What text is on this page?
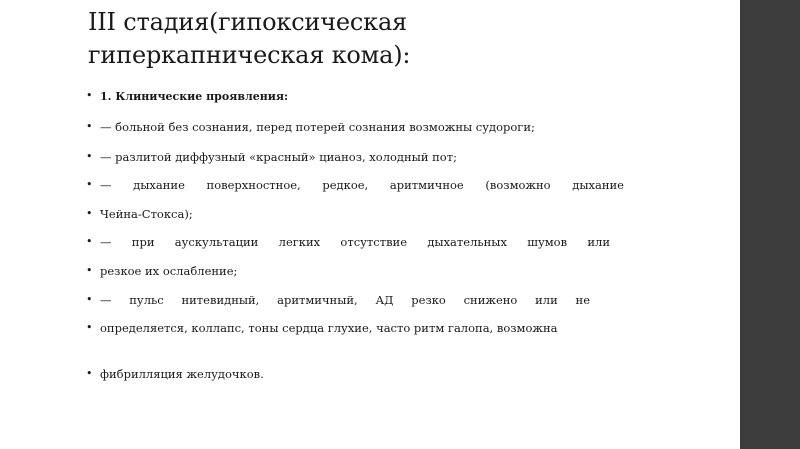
III стадия(гипоксическая
гиперкапническая кома):
• 1. Клинические проявления:
• — больной без сознания, перед потерей сознания возможны судороги;
• — разлитой диффузный «красный» цианоз, холодный пот;
• — дыхание поверхностное, редкое, аритмичное (возможно дыхание
• Чейна-Стокса);
• — при аускультации легких отсутствие дыхательных шумов или
• резкое их ослабление;
• — пульс нитевидный, аритмичный, АД резко снижено или не
• определяется, коллапс, тоны сердца глухие, часто ритм галопа, возможна
• фибрилляция желудочков.
